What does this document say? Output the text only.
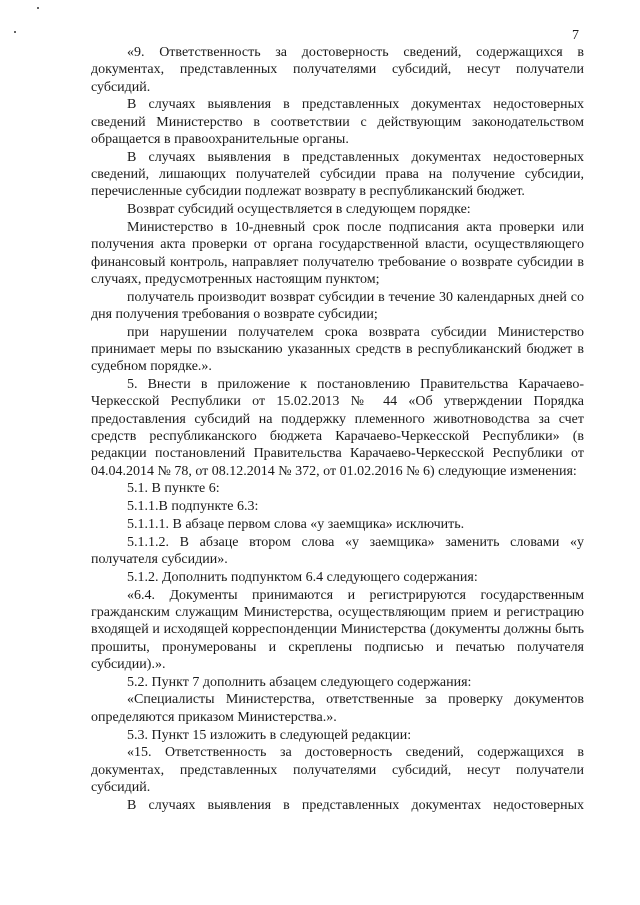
7

«9. Ответственность за достоверность сведений, содержащихся в документах, представленных получателями субсидий, несут получатели субсидий.

В случаях выявления в представленных документах недостоверных сведений Министерство в соответствии с действующим законодательством обращается в правоохранительные органы.

В случаях выявления в представленных документах недостоверных сведений, лишающих получателей субсидии права на получение субсидии, перечисленные субсидии подлежат возврату в республиканский бюджет.

Возврат субсидий осуществляется в следующем порядке:

Министерство в 10-дневный срок после подписания акта проверки или получения акта проверки от органа государственной власти, осуществляющего финансовый контроль, направляет получателю требование о возврате субсидии в случаях, предусмотренных настоящим пунктом;

получатель производит возврат субсидии в течение 30 календарных дней со дня получения требования о возврате субсидии;

при нарушении получателем срока возврата субсидии Министерство принимает меры по взысканию указанных средств в республиканский бюджет в судебном порядке.».

5. Внести в приложение к постановлению Правительства Карачаево-Черкесской Республики от 15.02.2013 № 44 «Об утверждении Порядка предоставления субсидий на поддержку племенного животноводства за счет средств республиканского бюджета Карачаево-Черкесской Республики» (в редакции постановлений Правительства Карачаево-Черкесской Республики от 04.04.2014 № 78, от 08.12.2014 № 372, от 01.02.2016 № 6) следующие изменения:

5.1. В пункте 6:

5.1.1.В подпункте 6.3:

5.1.1.1. В абзаце первом слова «у заемщика» исключить.

5.1.1.2. В абзаце втором слова «у заемщика» заменить словами «у получателя субсидии».

5.1.2. Дополнить подпунктом 6.4 следующего содержания:

«6.4. Документы принимаются и регистрируются государственным гражданским служащим Министерства, осуществляющим прием и регистрацию входящей и исходящей корреспонденции Министерства (документы должны быть прошиты, пронумерованы и скреплены подписью и печатью получателя субсидии).».

5.2. Пункт 7 дополнить абзацем следующего содержания:

«Специалисты Министерства, ответственные за проверку документов определяются приказом Министерства.».

5.3. Пункт 15 изложить в следующей редакции:

«15. Ответственность за достоверность сведений, содержащихся в документах, представленных получателями субсидий, несут получатели субсидий.

В случаях выявления в представленных документах недостоверных
